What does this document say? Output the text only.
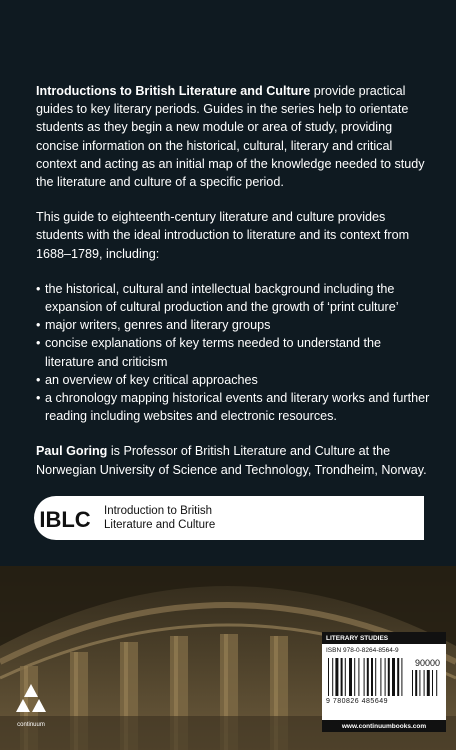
Introductions to British Literature and Culture provide practical guides to key literary periods. Guides in the series help to orientate students as they begin a new module or area of study, providing concise information on the historical, cultural, literary and critical context and acting as an initial map of the knowledge needed to study the literature and culture of a specific period.

This guide to eighteenth-century literature and culture provides students with the ideal introduction to literature and its context from 1688–1789, including:

• the historical, cultural and intellectual background including the expansion of cultural production and the growth of ‘print culture’
• major writers, genres and literary groups
• concise explanations of key terms needed to understand the literature and criticism
• an overview of key critical approaches
• a chronology mapping historical events and literary works and further reading including websites and electronic resources.

Paul Goring is Professor of British Literature and Culture at the Norwegian University of Science and Technology, Trondheim, Norway.

IBLC Introduction to British
Literature and Culture
continuum
LITERARY STUDIES
ISBN 978-0-8264-8564-9
90000
9 780826 485649
www.continuumbooks.com
